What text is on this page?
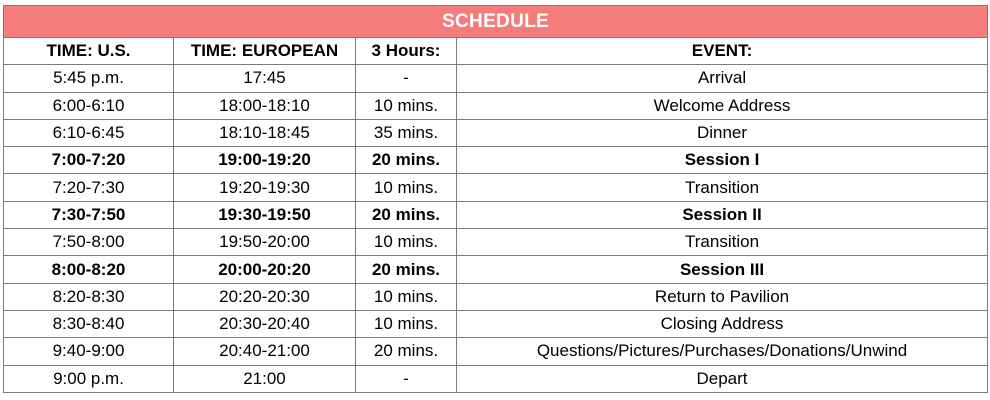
SCHEDULE			
TIME: U.S.	TIME: EUROPEAN	3 Hours:	EVENT:
5:45 p.m.	17:45	-	Arrival
6:00-6:10	18:00-18:10	10 mins.	Welcome Address
6:10-6:45	18:10-18:45	35 mins.	Dinner
7:00-7:20	19:00-19:20	20 mins.	Session I
7:20-7:30	19:20-19:30	10 mins.	Transition
7:30-7:50	19:30-19:50	20 mins.	Session II
7:50-8:00	19:50-20:00	10 mins.	Transition
8:00-8:20	20:00-20:20	20 mins.	Session III
8:20-8:30	20:20-20:30	10 mins.	Return to Pavilion
8:30-8:40	20:30-20:40	10 mins.	Closing Address
9:40-9:00	20:40-21:00	20 mins.	Questions/Pictures/Purchases/Donations/Unwind
9:00 p.m.	21:00	-	Depart
